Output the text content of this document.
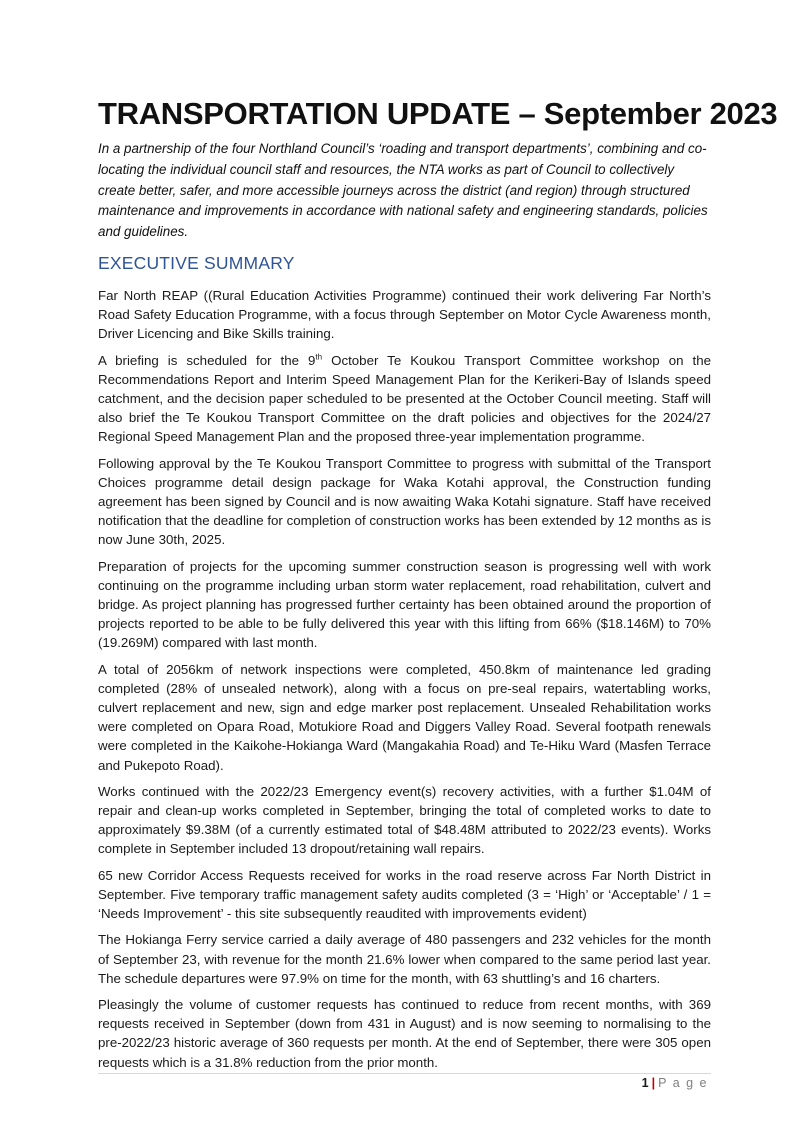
TRANSPORTATION UPDATE – September 2023

In a partnership of the four Northland Council’s ‘roading and transport departments’, combining and co-locating the individual council staff and resources, the NTA works as part of Council to collectively create better, safer, and more accessible journeys across the district (and region) through structured maintenance and improvements in accordance with national safety and engineering standards, policies and guidelines.

EXECUTIVE SUMMARY

Far North REAP ((Rural Education Activities Programme) continued their work delivering Far North’s Road Safety Education Programme, with a focus through September on Motor Cycle Awareness month, Driver Licencing and Bike Skills training.

A briefing is scheduled for the 9th October Te Koukou Transport Committee workshop on the Recommendations Report and Interim Speed Management Plan for the Kerikeri-Bay of Islands speed catchment, and the decision paper scheduled to be presented at the October Council meeting. Staff will also brief the Te Koukou Transport Committee on the draft policies and objectives for the 2024/27 Regional Speed Management Plan and the proposed three-year implementation programme.

Following approval by the Te Koukou Transport Committee to progress with submittal of the Transport Choices programme detail design package for Waka Kotahi approval, the Construction funding agreement has been signed by Council and is now awaiting Waka Kotahi signature. Staff have received notification that the deadline for completion of construction works has been extended by 12 months as is now June 30th, 2025.

Preparation of projects for the upcoming summer construction season is progressing well with work continuing on the programme including urban storm water replacement, road rehabilitation, culvert and bridge. As project planning has progressed further certainty has been obtained around the proportion of projects reported to be able to be fully delivered this year with this lifting from 66% ($18.146M) to 70% (19.269M) compared with last month.

A total of 2056km of network inspections were completed, 450.8km of maintenance led grading completed (28% of unsealed network), along with a focus on pre-seal repairs, watertabling works, culvert replacement and new, sign and edge marker post replacement. Unsealed Rehabilitation works were completed on Opara Road, Motukiore Road and Diggers Valley Road. Several footpath renewals were completed in the Kaikohe-Hokianga Ward (Mangakahia Road) and Te-Hiku Ward (Masfen Terrace and Pukepoto Road).

Works continued with the 2022/23 Emergency event(s) recovery activities, with a further $1.04M of repair and clean-up works completed in September, bringing the total of completed works to date to approximately $9.38M (of a currently estimated total of $48.48M attributed to 2022/23 events). Works complete in September included 13 dropout/retaining wall repairs.

65 new Corridor Access Requests received for works in the road reserve across Far North District in September. Five temporary traffic management safety audits completed (3 = ‘High’ or ‘Acceptable’ / 1 = ‘Needs Improvement’ - this site subsequently reaudited with improvements evident)

The Hokianga Ferry service carried a daily average of 480 passengers and 232 vehicles for the month of September 23, with revenue for the month 21.6% lower when compared to the same period last year. The schedule departures were 97.9% on time for the month, with 63 shuttling’s and 16 charters.

Pleasingly the volume of customer requests has continued to reduce from recent months, with 369 requests received in September (down from 431 in August) and is now seeming to normalising to the pre-2022/23 historic average of 360 requests per month. At the end of September, there were 305 open requests which is a 31.8% reduction from the prior month.

1 | P a g e
